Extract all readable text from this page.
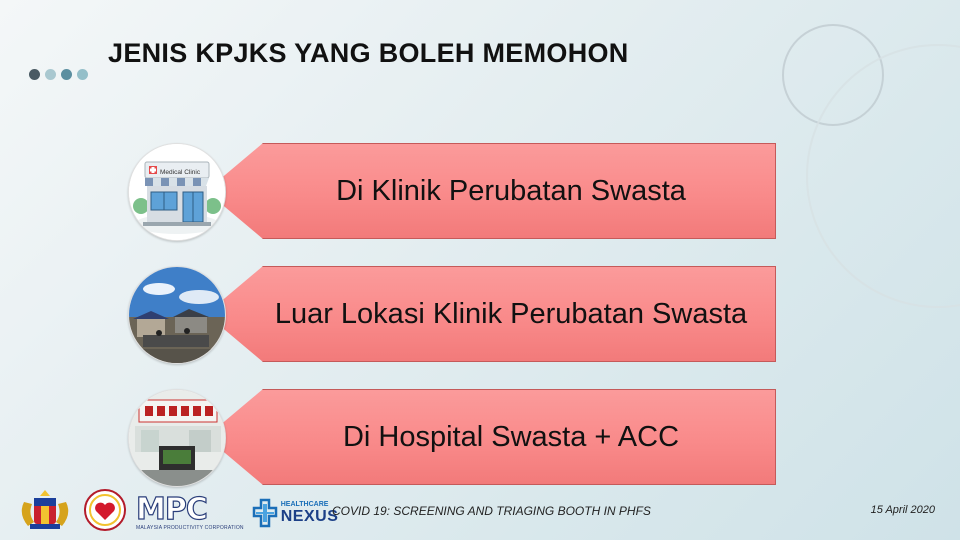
JENIS KPJKS YANG BOLEH MEMOHON
Di Klinik Perubatan Swasta
Medical Clinic
Luar Lokasi Klinik Perubatan Swasta
Di Hospital Swasta + ACC
MPC
MALAYSIA PRODUCTIVITY CORPORATION
HEALTHCARE
NEXUS
COVID 19: SCREENING AND TRIAGING BOOTH IN PHFS	15 April 2020
